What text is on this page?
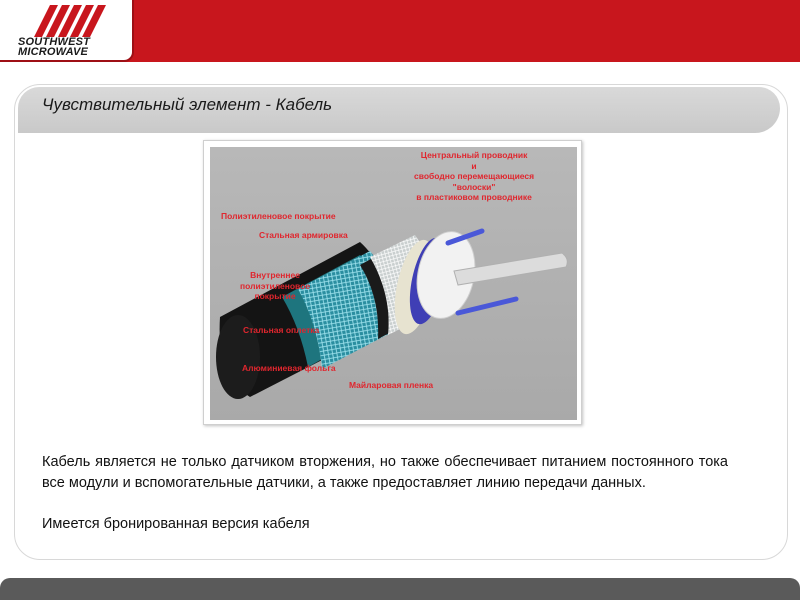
SOUTHWEST
MICROWAVE
Чувствительный элемент - Кабель
Центральный проводник
и
свободно перемещающиеся
"волоски"
в пластиковом проводнике
Полиэтиленовое покрытие
Стальная армировка
Внутреннее
полиэтиленовое
покрытие
Стальная оплетка
Алюминиевая фольга
Майларовая пленка
Кабель является не только датчиком вторжения, но также обеспечивает питанием постоянного тока все модули и вспомогательные датчики, а также предоставляет линию передачи данных.
Имеется бронированная версия кабеля
